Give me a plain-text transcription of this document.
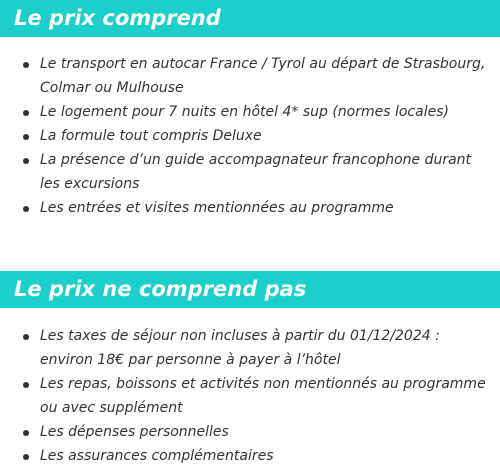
Le prix comprend
Le transport en autocar France / Tyrol au départ de Strasbourg, Colmar ou Mulhouse
Le logement pour 7 nuits en hôtel 4* sup (normes locales)
La formule tout compris Deluxe
La présence d’un guide accompagnateur francophone durant les excursions
Les entrées et visites mentionnées au programme
Le prix ne comprend pas
Les taxes de séjour non incluses à partir du 01/12/2024 : environ 18€ par personne à payer à l’hôtel
Les repas, boissons et activités non mentionnés au programme ou avec supplément
Les dépenses personnelles
Les assurances complémentaires
